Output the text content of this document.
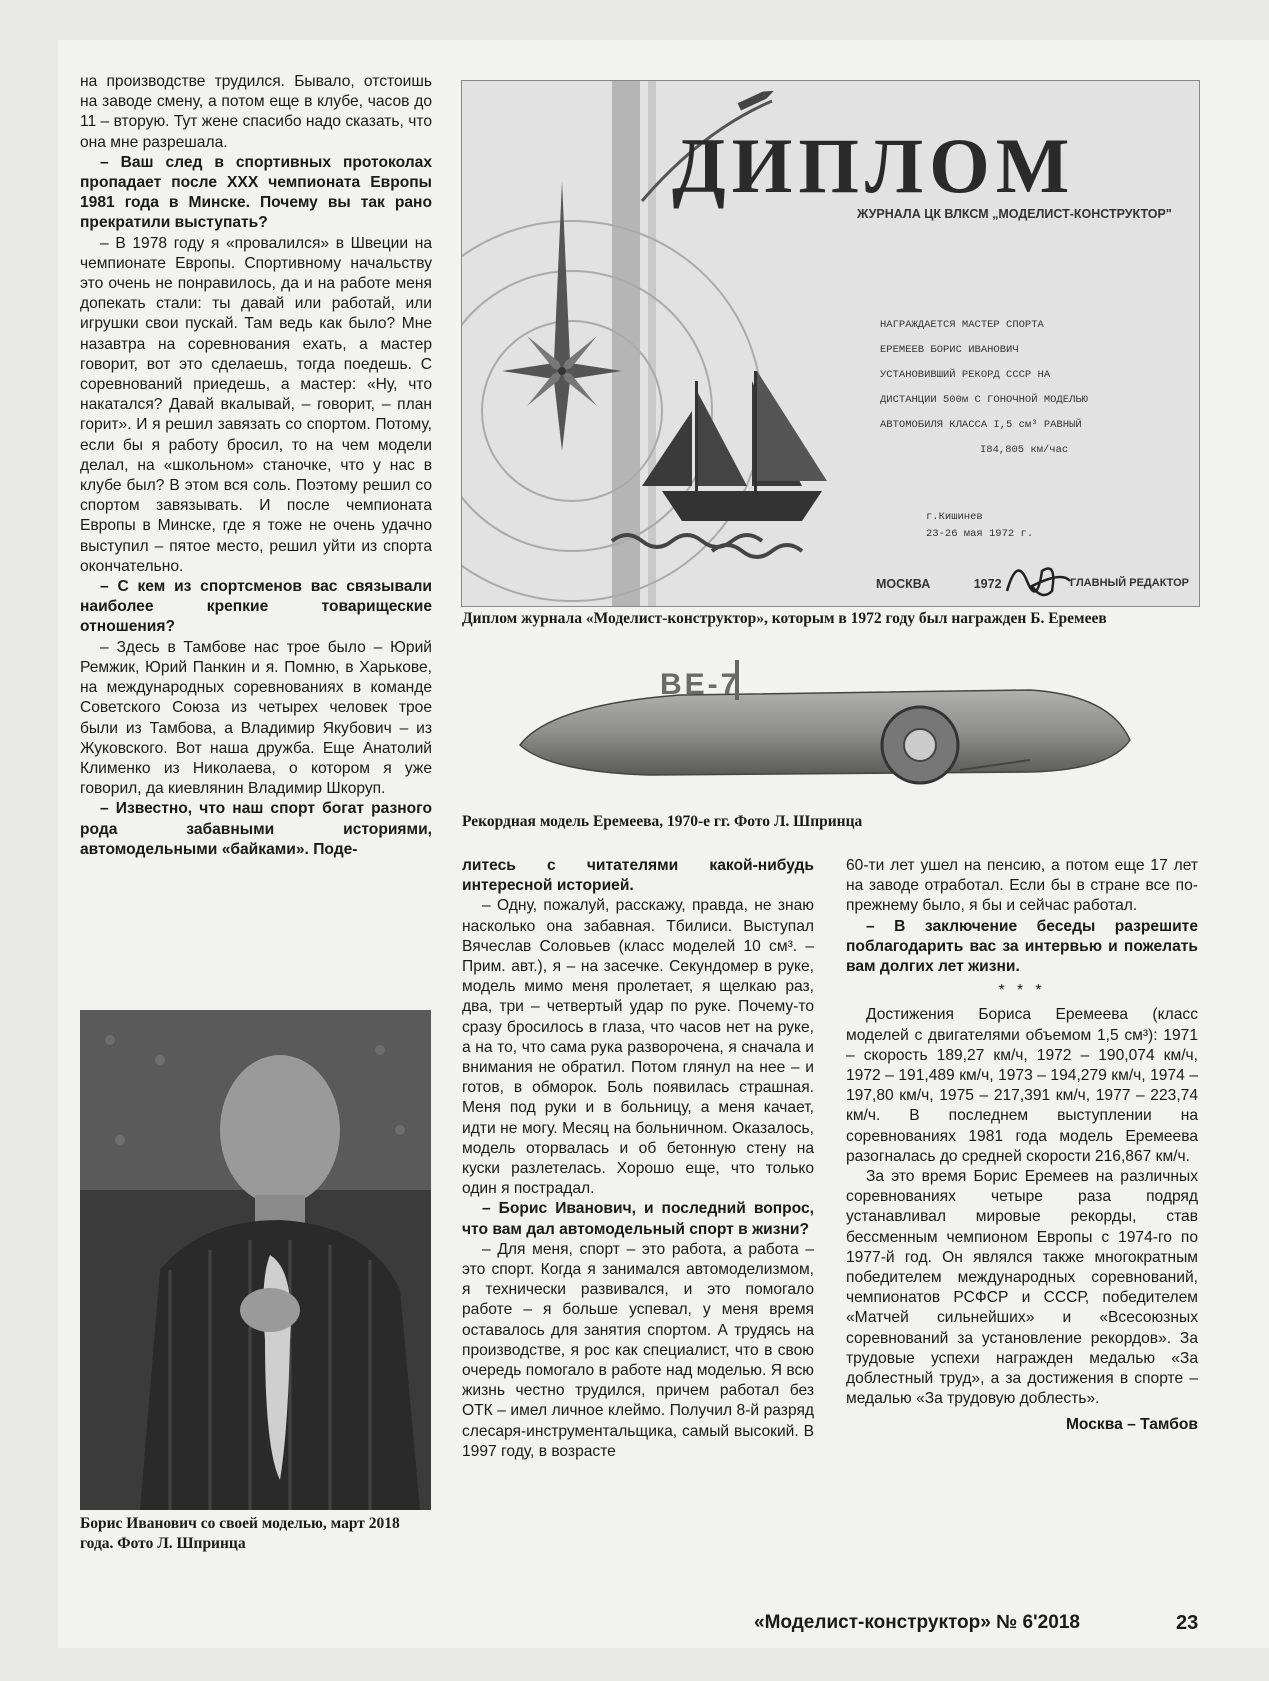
на производстве трудился. Бывало, отстоишь на заводе смену, а потом еще в клубе, часов до 11 – вторую. Тут жене спасибо надо сказать, что она мне разрешала.

– Ваш след в спортивных протоколах пропадает после XXX чемпионата Европы 1981 года в Минске. Почему вы так рано прекратили выступать?

– В 1978 году я «провалился» в Швеции на чемпионате Европы. Спортивному начальству это очень не понравилось, да и на работе меня допекать стали: ты давай или работай, или игрушки свои пускай. Там ведь как было? Мне назавтра на соревнования ехать, а мастер говорит, вот это сделаешь, тогда поедешь. С соревнований приедешь, а мастер: «Ну, что накатался? Давай вкалывай, – говорит, – план горит». И я решил завязать со спортом. Потому, если бы я работу бросил, то на чем модели делал, на «школьном» станочке, что у нас в клубе был? В этом вся соль. Поэтому решил со спортом завязывать. И после чемпионата Европы в Минске, где я тоже не очень удачно выступил – пятое место, решил уйти из спорта окончательно.

– С кем из спортсменов вас связывали наиболее крепкие товарищеские отношения?

– Здесь в Тамбове нас трое было – Юрий Ремжик, Юрий Панкин и я. Помню, в Харькове, на международных соревнованиях в команде Советского Союза из четырех человек трое были из Тамбова, а Владимир Якубович – из Жуковского. Вот наша дружба. Еще Анатолий Клименко из Николаева, о котором я уже говорил, да киевлянин Владимир Шкоруп.

– Известно, что наш спорт богат разного рода забавными историями, автомодельными «байками». Поде-

ДИПЛОМ
ЖУРНАЛА ЦК ВЛКСМ „МОДЕЛИСТ-КОНСТРУКТОР"
НАГРАЖДАЕТСЯ МАСТЕР СПОРТА
ЕРЕМЕЕВ БОРИС ИВАНОВИЧ
УСТАНОВИВШИЙ РЕКОРД СССР НА
ДИСТАНЦИИ 500м С ГОНОЧНОЙ МОДЕЛЬЮ
АВТОМОБИЛЯ КЛАССА I,5 см³ РАВНЫЙ
I84,805 км/час
г.Кишинев
23-26 мая 1972 г.
МОСКВА	1972	ГЛАВНЫЙ РЕДАКТОР
Диплом журнала «Моделист-конструктор», которым в 1972 году был награжден Б. Еремеев
ВЕ-7
Рекордная модель Еремеева, 1970-е гг. Фото Л. Шпринца

литесь с читателями какой-нибудь интересной историей.

– Одну, пожалуй, расскажу, правда, не знаю насколько она забавная. Тбилиси. Выступал Вячеслав Соловьев (класс моделей 10 см³. – Прим. авт.), я – на засечке. Секундомер в руке, модель мимо меня пролетает, я щелкаю раз, два, три – четвертый удар по руке. Почему-то сразу бросилось в глаза, что часов нет на руке, а на то, что сама рука разворочена, я сначала и внимания не обратил. Потом глянул на нее – и готов, в обморок. Боль появилась страшная. Меня под руки и в больницу, а меня качает, идти не могу. Месяц на больничном. Оказалось, модель оторвалась и об бетонную стену на куски разлетелась. Хорошо еще, что только один я пострадал.

– Борис Иванович, и последний вопрос, что вам дал автомодельный спорт в жизни?

– Для меня, спорт – это работа, а работа – это спорт. Когда я занимался автомоделизмом, я технически развивался, и это помогало работе – я больше успевал, у меня время оставалось для занятия спортом. А трудясь на производстве, я рос как специалист, что в свою очередь помогало в работе над моделью. Я всю жизнь честно трудился, причем работал без ОТК – имел личное клеймо. Получил 8-й разряд слесаря-инструментальщика, самый высокий. В 1997 году, в возрасте

60-ти лет ушел на пенсию, а потом еще 17 лет на заводе отработал. Если бы в стране все по-прежнему было, я бы и сейчас работал.

– В заключение беседы разрешите поблагодарить вас за интервью и пожелать вам долгих лет жизни.

* * *

Достижения Бориса Еремеева (класс моделей с двигателями объемом 1,5 см³): 1971 – скорость 189,27 км/ч, 1972 – 190,074 км/ч, 1972 – 191,489 км/ч, 1973 – 194,279 км/ч, 1974 – 197,80 км/ч, 1975 – 217,391 км/ч, 1977 – 223,74 км/ч. В последнем выступлении на соревнованиях 1981 года модель Еремеева разогналась до средней скорости 216,867 км/ч.

За это время Борис Еремеев на различных соревнованиях четыре раза подряд устанавливал мировые рекорды, став бессменным чемпионом Европы с 1974-го по 1977-й год. Он являлся также многократным победителем международных соревнований, чемпионатов РСФСР и СССР, победителем «Матчей сильнейших» и «Всесоюзных соревнований за установление рекордов». За трудовые успехи награжден медалью «За доблестный труд», а за достижения в спорте – медалью «За трудовую доблесть».

Москва – Тамбов

Борис Иванович со своей моделью, март 2018 года. Фото Л. Шпринца
«Моделист-конструктор» № 6'2018	23
